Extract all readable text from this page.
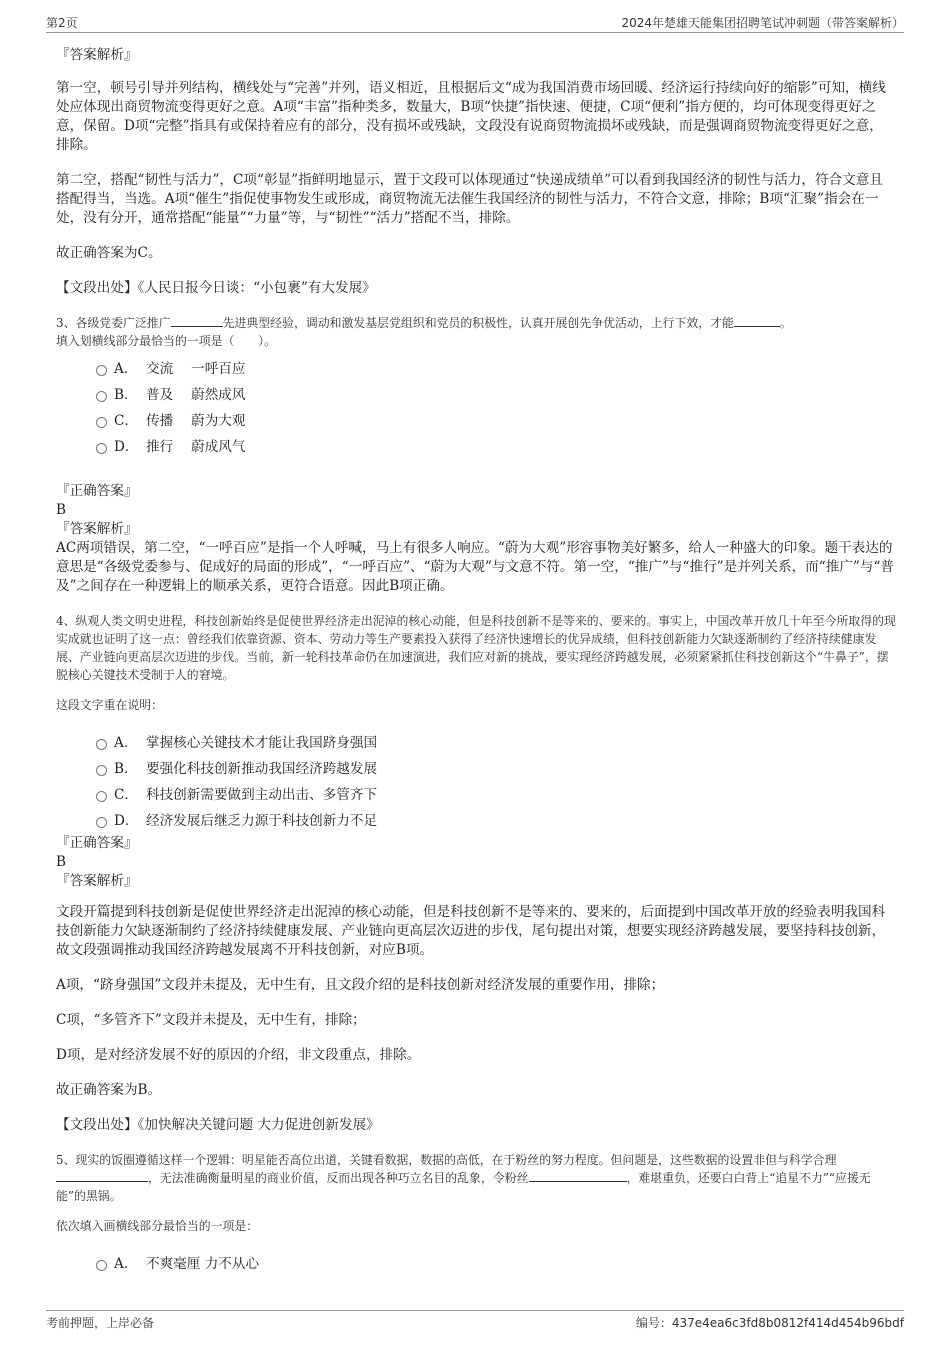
第2页	2024年楚雄天能集团招聘笔试冲刺题（带答案解析）

『答案解析』

第一空，顿号引导并列结构，横线处与“完善”并列，语义相近，且根据后文“成为我国消费市场回暖、经济运行持续向好的缩影”可知，横线处应体现出商贸物流变得更好之意。A项“丰富”指种类多，数量大，B项“快捷”指快速、便捷，C项“便利”指方便的，均可体现变得更好之意，保留。D项“完整”指具有或保持着应有的部分，没有损坏或残缺，文段没有说商贸物流损坏或残缺，而是强调商贸物流变得更好之意，排除。

第二空，搭配“韧性与活力”，C项“彰显”指鲜明地显示，置于文段可以体现通过“快递成绩单”可以看到我国经济的韧性与活力，符合文意且搭配得当，当选。A项“催生”指促使事物发生或形成，商贸物流无法催生我国经济的韧性与活力，不符合文意，排除；B项“汇聚”指会在一处，没有分开，通常搭配“能量”“力量”等，与“韧性”“活力”搭配不当，排除。

故正确答案为C。

【文段出处】《人民日报今日谈：“小包裹”有大发展》

3、各级党委广泛推广	先进典型经验，调动和激发基层党组织和党员的积极性，认真开展创先争优活动，上行下效，才能	。

填入划横线部分最恰当的一项是（　　）。

A． 交流　 一呼百应
B． 普及　 蔚然成风
C． 传播　 蔚为大观
D． 推行　 蔚成风气

『正确答案』

B

『答案解析』

AC两项错误，第二空，“一呼百应”是指一个人呼喊，马上有很多人响应。“蔚为大观”形容事物美好繁多，给人一种盛大的印象。题干表达的意思是“各级党委参与、促成好的局面的形成”，“一呼百应”、“蔚为大观”与文意不符。第一空，“推广”与“推行”是并列关系，而“推广”与“普及”之间存在一种逻辑上的顺承关系，更符合语意。因此B项正确。

4、纵观人类文明史进程，科技创新始终是促使世界经济走出泥淖的核心动能，但是科技创新不是等来的、要来的。事实上，中国改革开放几十年至今所取得的现实成就也证明了这一点：曾经我们依靠资源、资本、劳动力等生产要素投入获得了经济快速增长的优异成绩，但科技创新能力欠缺逐渐制约了经济持续健康发展、产业链向更高层次迈进的步伐。当前，新一轮科技革命仍在加速演进，我们应对新的挑战，要实现经济跨越发展，必须紧紧抓住科技创新这个“牛鼻子”，摆脱核心关键技术受制于人的窘境。

这段文字重在说明：

A． 掌握核心关键技术才能让我国跻身强国
B． 要强化科技创新推动我国经济跨越发展
C． 科技创新需要做到主动出击、多管齐下
D． 经济发展后继乏力源于科技创新力不足

『正确答案』

B

『答案解析』

文段开篇提到科技创新是促使世界经济走出泥淖的核心动能，但是科技创新不是等来的、要来的，后面提到中国改革开放的经验表明我国科技创新能力欠缺逐渐制约了经济持续健康发展、产业链向更高层次迈进的步伐，尾句提出对策，想要实现经济跨越发展，要坚持科技创新，故文段强调推动我国经济跨越发展离不开科技创新，对应B项。

A项，“跻身强国”文段并未提及，无中生有，且文段介绍的是科技创新对经济发展的重要作用，排除；

C项，“多管齐下”文段并未提及，无中生有，排除；

D项，是对经济发展不好的原因的介绍，非文段重点，排除。

故正确答案为B。

【文段出处】《加快解决关键问题 大力促进创新发展》

5、现实的饭圈遵循这样一个逻辑：明星能否高位出道，关键看数据，数据的高低，在于粉丝的努力程度。但问题是，这些数据的设置非但与科学合理，无法准确衡量明星的商业价值，反而出现各种巧立名目的乱象，令粉丝	，难堪重负，还要白白背上“追星不力”“应援无能”的黑锅。

依次填入画横线部分最恰当的一项是：

A． 不爽毫厘 力不从心
考前押题，上岸必备	编号：437e4ea6c3fd8b0812f414d454b96bdf
